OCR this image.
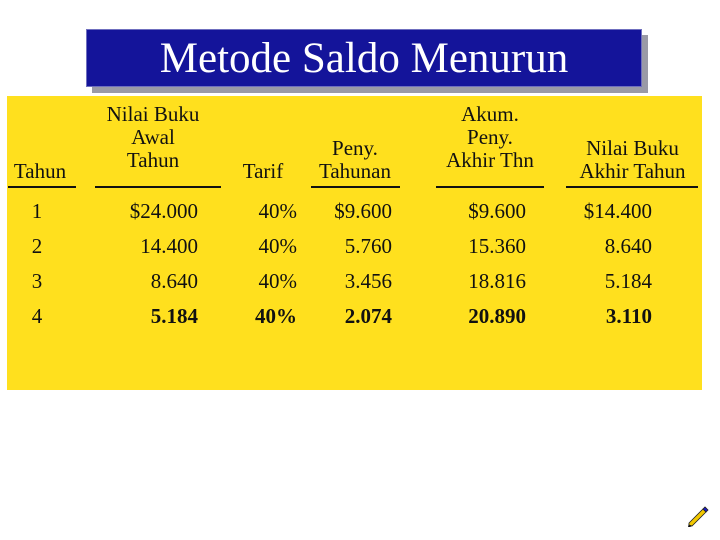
Metode Saldo Menurun
Tahun
Nilai Buku
Awal
Tahun	Tarif
Peny.
Tahunan
Akum.
Peny.
Akhir Thn	Nilai Buku
Akhir Tahun
1
2
3
4
$24.000
14.400
8.640
5.184
40%
40%
40%
40%
$9.600
5.760
3.456
2.074
$9.600
15.360
18.816
20.890
$14.400
8.640
5.184
3.110
